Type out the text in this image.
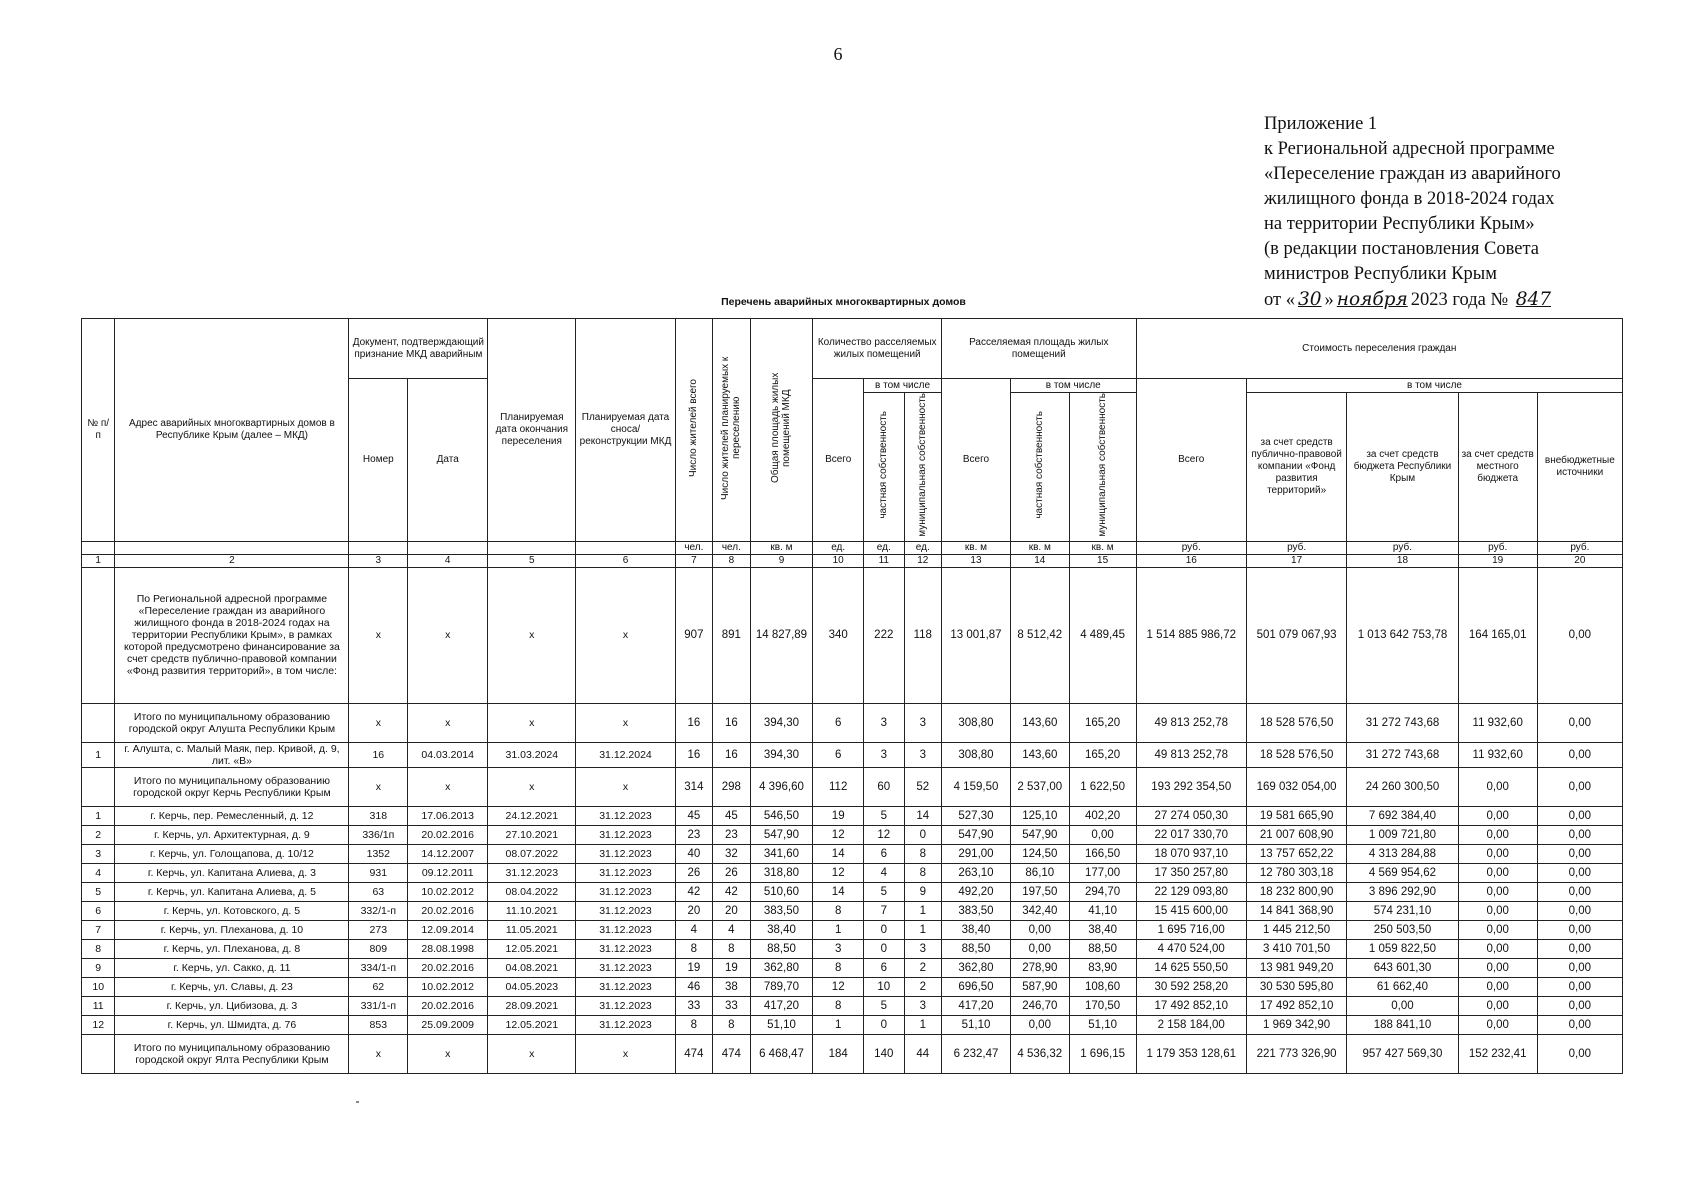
6
Приложение 1
к Региональной адресной программе
«Переселение граждан из аварийного
жилищного фонда в 2018-2024 годах
на территории Республики Крым»
(в редакции постановления Совета
министров Республики Крым
от « 30 » ноября 2023 года № 847
Перечень аварийных многоквартирных домов
№ п/ п	Адрес аварийных многоквартирных домов в Республике Крым (далее – МКД)	Документ, подтверждающий признание МКД аварийным		Планируемая дата окончания переселения	Планируемая дата сноса/ реконструкции МКД	Число жителей всего	Число жителей планируемых к переселению	Общая площадь жилых помещений МКД	Количество расселяемых жилых помещений			Расселяемая площадь жилых помещений			Стоимость переселения граждан				
		Номер	Дата						Всего	в том числе		Всего	в том числе		Всего	в том числе			
										частная собственность	муниципальная собственность		частная собственность	муниципальная собственность		за счет средств публично-правовой компании «Фонд развития территорий»	за счет средств бюджета Республики Крым	за счет средств местного бюджета	внебюджетные источники
						чел.	чел.	кв. м	ед.	ед.	ед.	кв. м	кв. м	кв. м	руб.	руб.	руб.	руб.	руб.
1	2	3	4	5	6	7	8	9	10	11	12	13	14	15	16	17	18	19	20
	По Региональной адресной программе «Переселение граждан из аварийного жилищного фонда в 2018-2024 годах на территории Республики Крым», в рамках которой предусмотрено финансирование за счет средств публично-правовой компании «Фонд развития территорий», в том числе:	х	х	х	х	907	891	14 827,89	340	222	118	13 001,87	8 512,42	4 489,45	1 514 885 986,72	501 079 067,93	1 013 642 753,78	164 165,01	0,00
	Итого по муниципальному образованию городской округ Алушта Республики Крым	х	х	х	х	16	16	394,30	6	3	3	308,80	143,60	165,20	49 813 252,78	18 528 576,50	31 272 743,68	11 932,60	0,00
1	г. Алушта, с. Малый Маяк, пер. Кривой, д. 9, лит. «В»	16	04.03.2014	31.03.2024	31.12.2024	16	16	394,30	6	3	3	308,80	143,60	165,20	49 813 252,78	18 528 576,50	31 272 743,68	11 932,60	0,00
	Итого по муниципальному образованию городской округ Керчь Республики Крым	х	х	х	х	314	298	4 396,60	112	60	52	4 159,50	2 537,00	1 622,50	193 292 354,50	169 032 054,00	24 260 300,50	0,00	0,00
1	г. Керчь, пер. Ремесленный, д. 12	318	17.06.2013	24.12.2021	31.12.2023	45	45	546,50	19	5	14	527,30	125,10	402,20	27 274 050,30	19 581 665,90	7 692 384,40	0,00	0,00
2	г. Керчь, ул. Архитектурная, д. 9	336/1п	20.02.2016	27.10.2021	31.12.2023	23	23	547,90	12	12	0	547,90	547,90	0,00	22 017 330,70	21 007 608,90	1 009 721,80	0,00	0,00
3	г. Керчь, ул. Голощапова, д. 10/12	1352	14.12.2007	08.07.2022	31.12.2023	40	32	341,60	14	6	8	291,00	124,50	166,50	18 070 937,10	13 757 652,22	4 313 284,88	0,00	0,00
4	г. Керчь, ул. Капитана Алиева, д. 3	931	09.12.2011	31.12.2023	31.12.2023	26	26	318,80	12	4	8	263,10	86,10	177,00	17 350 257,80	12 780 303,18	4 569 954,62	0,00	0,00
5	г. Керчь, ул. Капитана Алиева, д. 5	63	10.02.2012	08.04.2022	31.12.2023	42	42	510,60	14	5	9	492,20	197,50	294,70	22 129 093,80	18 232 800,90	3 896 292,90	0,00	0,00
6	г. Керчь, ул. Котовского, д. 5	332/1-п	20.02.2016	11.10.2021	31.12.2023	20	20	383,50	8	7	1	383,50	342,40	41,10	15 415 600,00	14 841 368,90	574 231,10	0,00	0,00
7	г. Керчь, ул. Плеханова, д. 10	273	12.09.2014	11.05.2021	31.12.2023	4	4	38,40	1	0	1	38,40	0,00	38,40	1 695 716,00	1 445 212,50	250 503,50	0,00	0,00
8	г. Керчь, ул. Плеханова, д. 8	809	28.08.1998	12.05.2021	31.12.2023	8	8	88,50	3	0	3	88,50	0,00	88,50	4 470 524,00	3 410 701,50	1 059 822,50	0,00	0,00
9	г. Керчь, ул. Сакко, д. 11	334/1-п	20.02.2016	04.08.2021	31.12.2023	19	19	362,80	8	6	2	362,80	278,90	83,90	14 625 550,50	13 981 949,20	643 601,30	0,00	0,00
10	г. Керчь, ул. Славы, д. 23	62	10.02.2012	04.05.2023	31.12.2023	46	38	789,70	12	10	2	696,50	587,90	108,60	30 592 258,20	30 530 595,80	61 662,40	0,00	0,00
11	г. Керчь, ул. Цибизова, д. 3	331/1-п	20.02.2016	28.09.2021	31.12.2023	33	33	417,20	8	5	3	417,20	246,70	170,50	17 492 852,10	17 492 852,10	0,00	0,00	0,00
12	г. Керчь, ул. Шмидта, д. 76	853	25.09.2009	12.05.2021	31.12.2023	8	8	51,10	1	0	1	51,10	0,00	51,10	2 158 184,00	1 969 342,90	188 841,10	0,00	0,00
	Итого по муниципальному образованию городской округ Ялта Республики Крым	х	х	х	х	474	474	6 468,47	184	140	44	6 232,47	4 536,32	1 696,15	1 179 353 128,61	221 773 326,90	957 427 569,30	152 232,41	0,00
